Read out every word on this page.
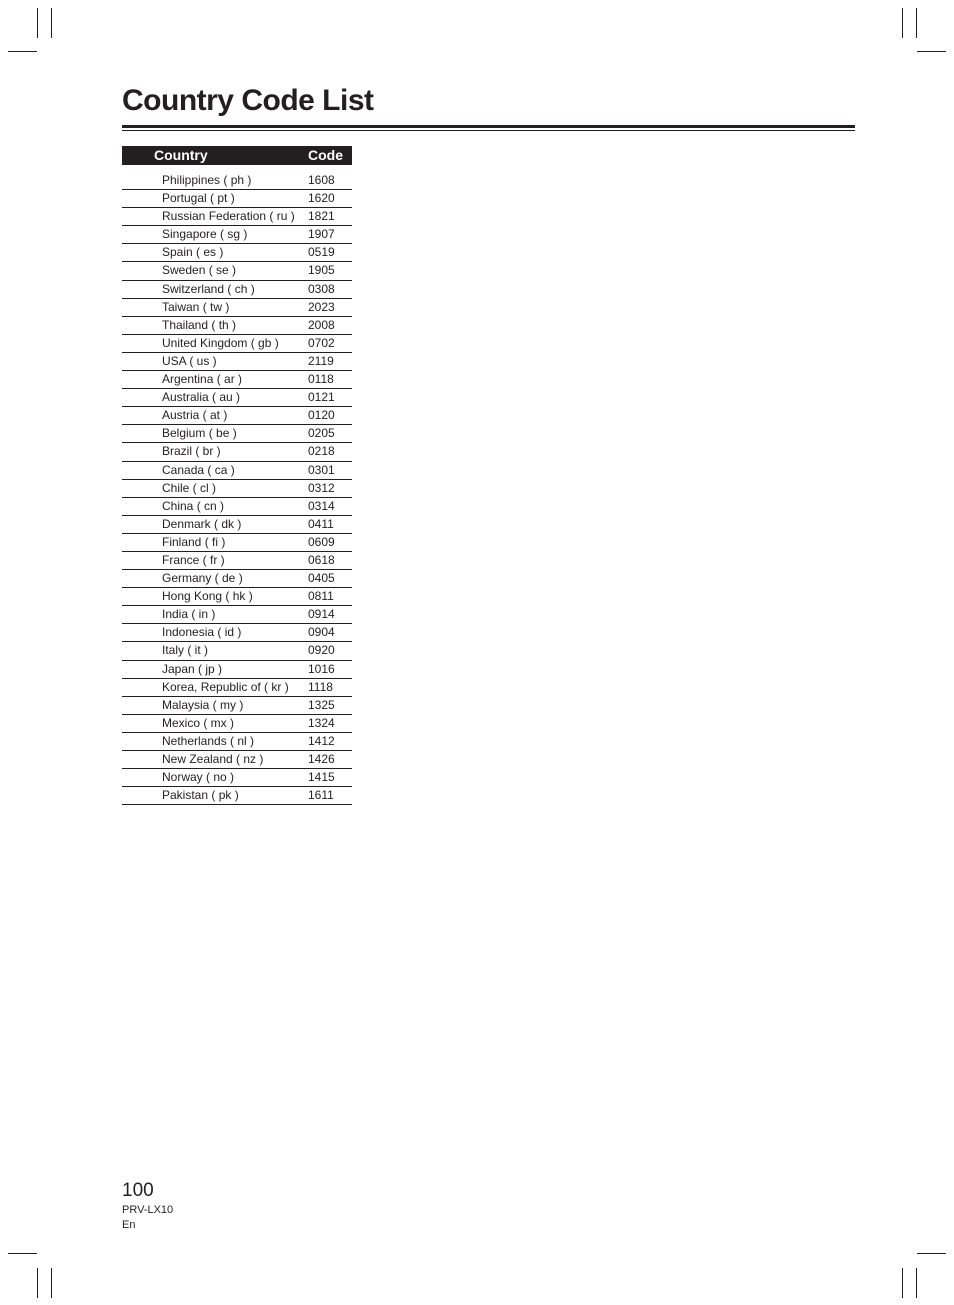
Country Code List
Country	Code
Philippines ( ph )	1608
Portugal ( pt )	1620
Russian Federation ( ru ) 1821
Singapore ( sg )	1907
Spain ( es )	0519
Sweden ( se )	1905
Switzerland ( ch )	0308
Taiwan ( tw )	2023
Thailand ( th )	2008
United Kingdom ( gb ) 0702
USA ( us )	2119
Argentina ( ar )	0118
Australia ( au )	0121
Austria ( at )	0120
Belgium ( be )	0205
Brazil ( br )	0218
Canada ( ca )	0301
Chile ( cl )	0312
China ( cn )	0314
Denmark ( dk )	0411
Finland ( fi )	0609
France ( fr )	0618
Germany ( de )	0405
Hong Kong ( hk )	0811
India ( in )	0914
Indonesia ( id )	0904
Italy ( it )	0920
Japan ( jp )	1016
Korea, Republic of ( kr ) 1118
Malaysia ( my )	1325
Mexico ( mx )	1324
Netherlands ( nl )	1412
New Zealand ( nz )	1426
Norway ( no )	1415
Pakistan ( pk )	1611
100
PRV-LX10
En
